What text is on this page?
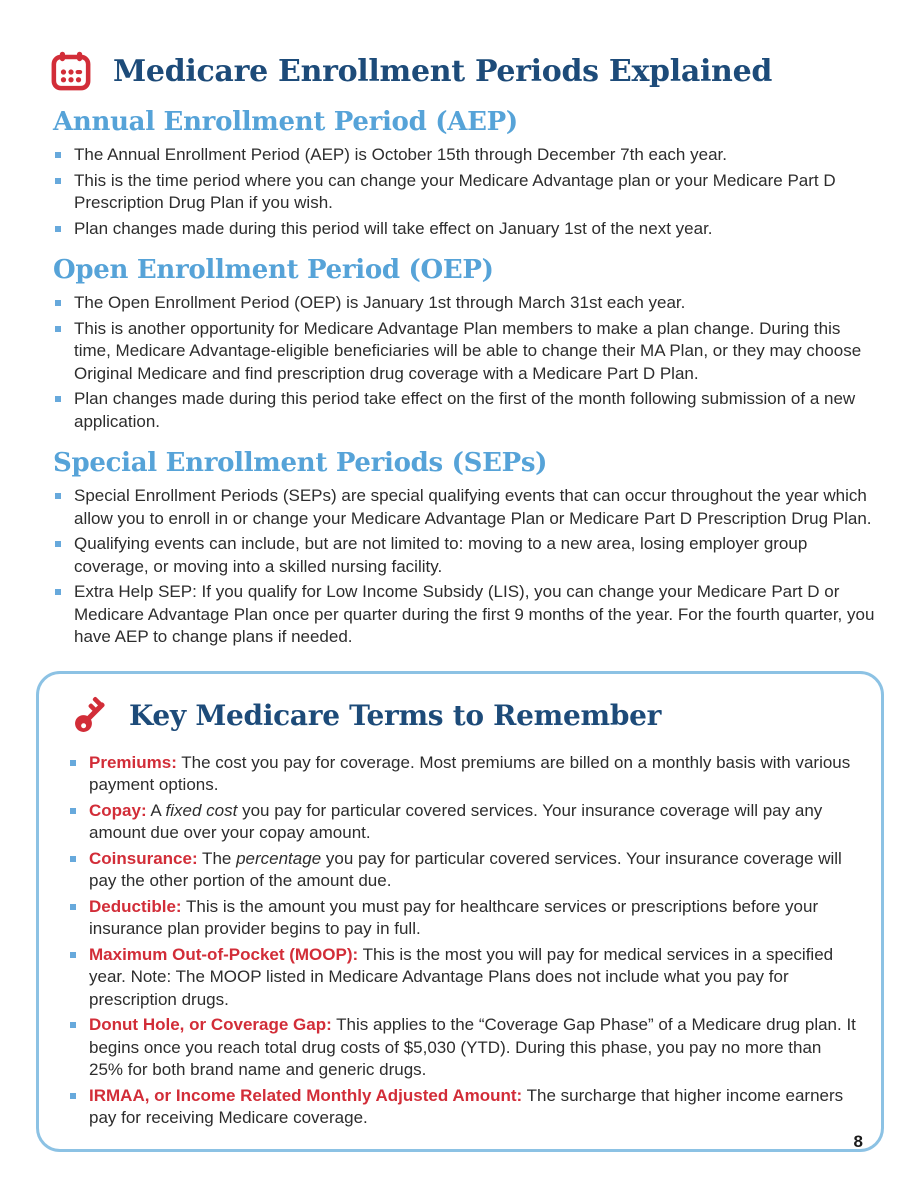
Medicare Enrollment Periods Explained
Annual Enrollment Period (AEP)
The Annual Enrollment Period (AEP) is October 15th through December 7th each year.
This is the time period where you can change your Medicare Advantage plan or your Medicare Part D Prescription Drug Plan if you wish.
Plan changes made during this period will take effect on January 1st of the next year.
Open Enrollment Period (OEP)
The Open Enrollment Period (OEP) is January 1st through March 31st each year.
This is another opportunity for Medicare Advantage Plan members to make a plan change. During this time, Medicare Advantage-eligible beneficiaries will be able to change their MA Plan, or they may choose Original Medicare and find prescription drug coverage with a Medicare Part D Plan.
Plan changes made during this period take effect on the first of the month following submission of a new application.
Special Enrollment Periods (SEPs)
Special Enrollment Periods (SEPs) are special qualifying events that can occur throughout the year which allow you to enroll in or change your Medicare Advantage Plan or Medicare Part D Prescription Drug Plan.
Qualifying events can include, but are not limited to: moving to a new area, losing employer group coverage, or moving into a skilled nursing facility.
Extra Help SEP: If you qualify for Low Income Subsidy (LIS), you can change your Medicare Part D or Medicare Advantage Plan once per quarter during the first 9 months of the year. For the fourth quarter, you have AEP to change plans if needed.
Key Medicare Terms to Remember
Premiums: The cost you pay for coverage. Most premiums are billed on a monthly basis with various payment options.
Copay: A fixed cost you pay for particular covered services. Your insurance coverage will pay any amount due over your copay amount.
Coinsurance: The percentage you pay for particular covered services. Your insurance coverage will pay the other portion of the amount due.
Deductible: This is the amount you must pay for healthcare services or prescriptions before your insurance plan provider begins to pay in full.
Maximum Out-of-Pocket (MOOP): This is the most you will pay for medical services in a specified year. Note: The MOOP listed in Medicare Advantage Plans does not include what you pay for prescription drugs.
Donut Hole, or Coverage Gap: This applies to the “Coverage Gap Phase” of a Medicare drug plan. It begins once you reach total drug costs of $5,030 (YTD). During this phase, you pay no more than 25% for both brand name and generic drugs.
IRMAA, or Income Related Monthly Adjusted Amount: The surcharge that higher income earners pay for receiving Medicare coverage.
8
